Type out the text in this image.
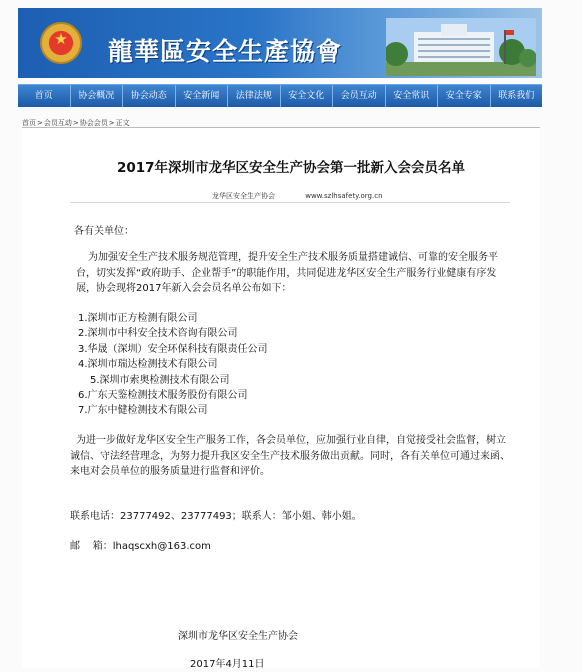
★
龍華區安全生產協會
首页	协会概况	协会动态	安全新闻	法律法规	安全文化	会员互动	安全常识	安全专家	联系我们
首页>会员互动>协会会员>正文
2017年深圳市龙华区安全生产协会第一批新入会会员名单
龙华区安全生产协会	www.szlhsafety.org.cn
各有关单位：
为加强安全生产技术服务规范管理，提升安全生产技术服务质量搭建诚信、可靠的安全服务平台，切实发挥“政府助手、企业帮手”的职能作用，共同促进龙华区安全生产服务行业健康有序发展，协会现将2017年新入会会员名单公布如下：
1.深圳市正方检测有限公司
2.深圳市中科安全技术咨询有限公司
3.华晟（深圳）安全环保科技有限责任公司
4.深圳市瑞达检测技术有限公司
5.深圳市索奥检测技术有限公司
6.广东天鉴检测技术服务股份有限公司
7.广东中健检测技术有限公司
为进一步做好龙华区安全生产服务工作，各会员单位，应加强行业自律，自觉接受社会监督，树立诚信、守法经营理念，为努力提升我区安全生产技术服务做出贡献。同时，各有关单位可通过来函、来电对会员单位的服务质量进行监督和评价。
联系电话：23777492、23777493；联系人：邹小姐、韩小姐。
邮    箱：lhaqscxh@163.com
深圳市龙华区安全生产协会
2017年4月11日
